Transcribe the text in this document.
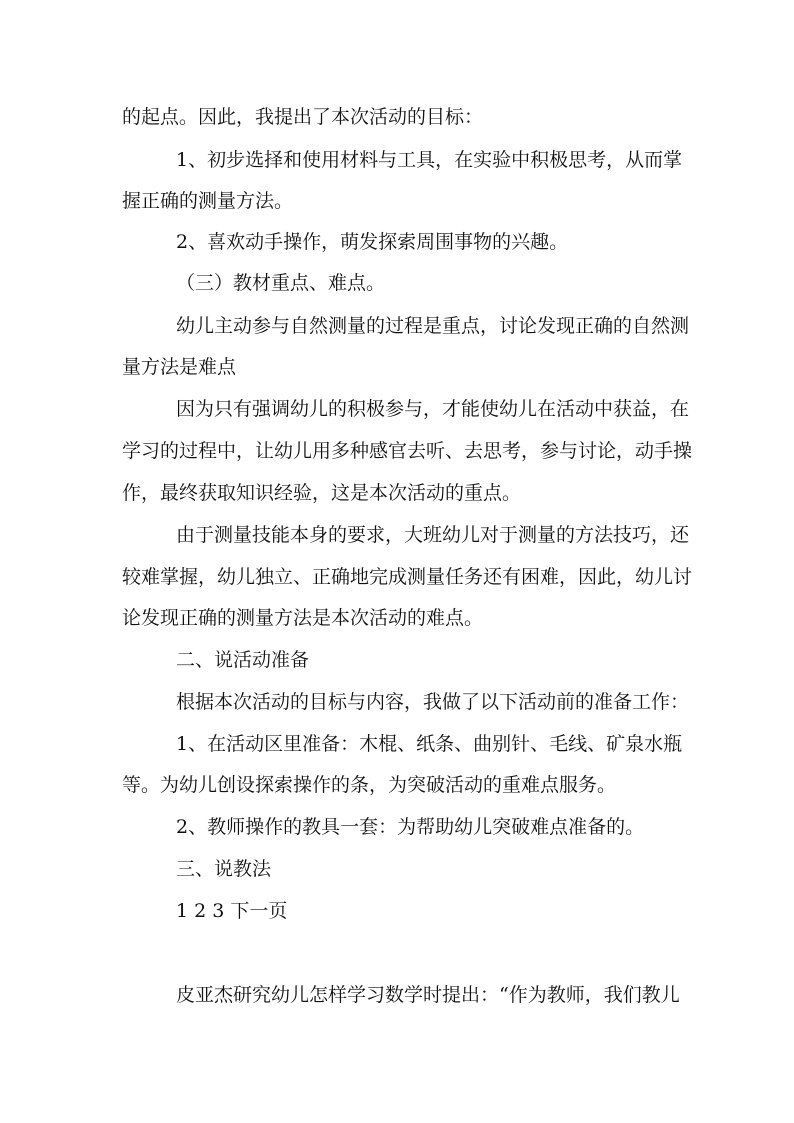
的起点。因此，我提出了本次活动的目标：
1、初步选择和使用材料与工具，在实验中积极思考，从而掌
握正确的测量方法。
2、喜欢动手操作，萌发探索周围事物的兴趣。
（三）教材重点、难点。
幼儿主动参与自然测量的过程是重点，讨论发现正确的自然测
量方法是难点
因为只有强调幼儿的积极参与，才能使幼儿在活动中获益，在
学习的过程中，让幼儿用多种感官去听、去思考，参与讨论，动手操
作，最终获取知识经验，这是本次活动的重点。
由于测量技能本身的要求，大班幼儿对于测量的方法技巧，还
较难掌握，幼儿独立、正确地完成测量任务还有困难，因此，幼儿讨
论发现正确的测量方法是本次活动的难点。
二、说活动准备
根据本次活动的目标与内容，我做了以下活动前的准备工作：
1、在活动区里准备：木棍、纸条、曲别针、毛线、矿泉水瓶
等。为幼儿创设探索操作的条，为突破活动的重难点服务。
2、教师操作的教具一套：为帮助幼儿突破难点准备的。
三、说教法
1 2 3 下一页
皮亚杰研究幼儿怎样学习数学时提出：“作为教师，我们教儿
